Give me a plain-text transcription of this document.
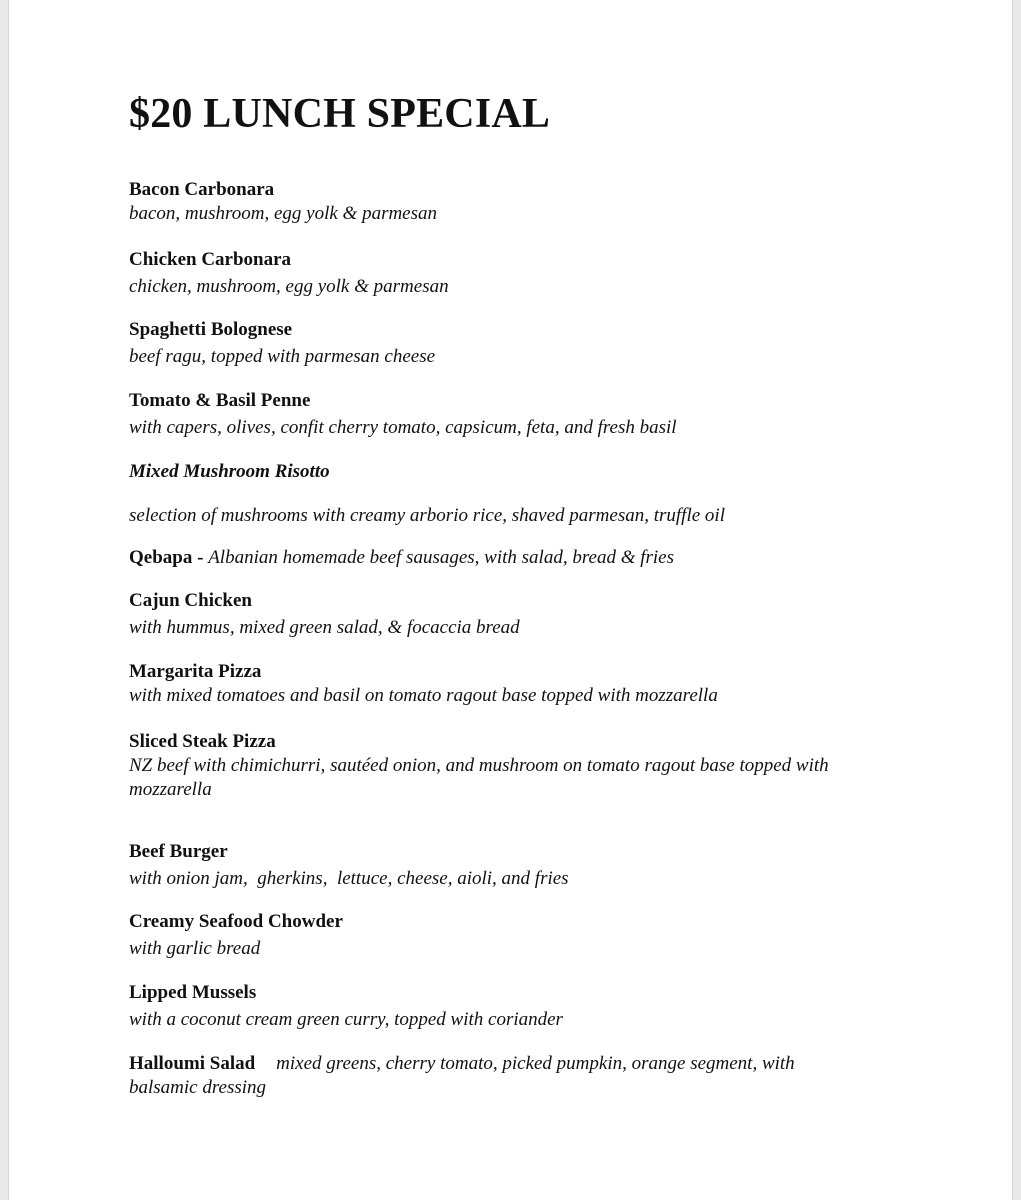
$20 LUNCH SPECIAL
Bacon Carbonara
bacon, mushroom, egg yolk & parmesan
Chicken Carbonara
chicken, mushroom, egg yolk & parmesan
Spaghetti Bolognese
beef ragu, topped with parmesan cheese
Tomato & Basil Penne
with capers, olives, confit cherry tomato, capsicum, feta, and fresh basil
Mixed Mushroom Risotto
selection of mushrooms with creamy arborio rice, shaved parmesan, truffle oil
Qebapa - Albanian homemade beef sausages, with salad, bread & fries
Cajun Chicken
with hummus, mixed green salad, & focaccia bread
Margarita Pizza
with mixed tomatoes and basil on tomato ragout base topped with mozzarella
Sliced Steak Pizza
NZ beef with chimichurri, sautéed onion, and mushroom on tomato ragout base topped with mozzarella
Beef Burger
with onion jam,  gherkins,  lettuce, cheese, aioli, and fries
Creamy Seafood Chowder
with garlic bread
Lipped Mussels
with a coconut cream green curry, topped with coriander
Halloumi Salad mixed greens, cherry tomato, picked pumpkin, orange segment, with balsamic dressing
